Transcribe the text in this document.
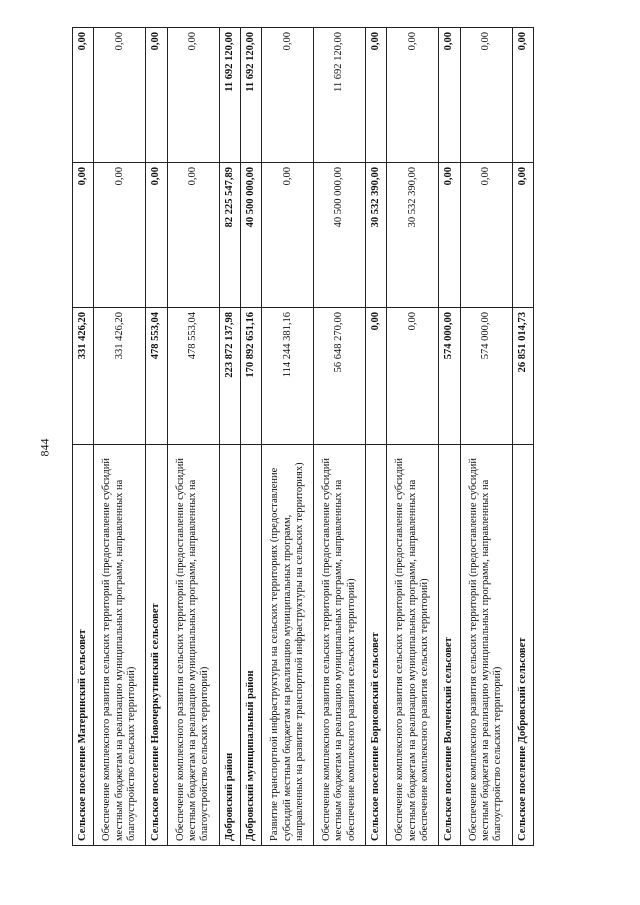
844
Сельское поселение Материнский сельсовет	331 426,20	0,00	0,00
Обеспечение комплексного развития сельских территорий (предоставление субсидий местным бюджетам на реализацию муниципальных программ, направленных на благоустройство сельских территорий)	331 426,20	0,00	0,00
Сельское поселение Новочеркутинский сельсовет	478 553,04	0,00	0,00
Обеспечение комплексного развития сельских территорий (предоставление субсидий местным бюджетам на реализацию муниципальных программ, направленных на благоустройство сельских территорий)	478 553,04	0,00	0,00
Добровский район	223 872 137,98	82 225 547,89	11 692 120,00
Добровский муниципальный район	170 892 651,16	40 500 000,00	11 692 120,00
Развитие транспортной инфраструктуры на сельских территориях (предоставление субсидий местным бюджетам на реализацию муниципальных программ, направленных на развитие транспортной инфраструктуры на сельских территориях)	114 244 381,16	0,00	0,00
Обеспечение комплексного развития сельских территорий (предоставление субсидий местным бюджетам на реализацию муниципальных программ, направленных на обеспечение комплексного развития сельских территорий)	56 648 270,00	40 500 000,00	11 692 120,00
Сельское поселение Борисовский сельсовет	0,00	30 532 390,00	0,00
Обеспечение комплексного развития сельских территорий (предоставление субсидий местным бюджетам на реализацию муниципальных программ, направленных на обеспечение комплексного развития сельских территорий)	0,00	30 532 390,00	0,00
Сельское поселение Волченский сельсовет	574 000,00	0,00	0,00
Обеспечение комплексного развития сельских территорий (предоставление субсидий местным бюджетам на реализацию муниципальных программ, направленных на благоустройство сельских территорий)	574 000,00	0,00	0,00
Сельское поселение Добровский сельсовет	26 851 014,73	0,00	0,00
